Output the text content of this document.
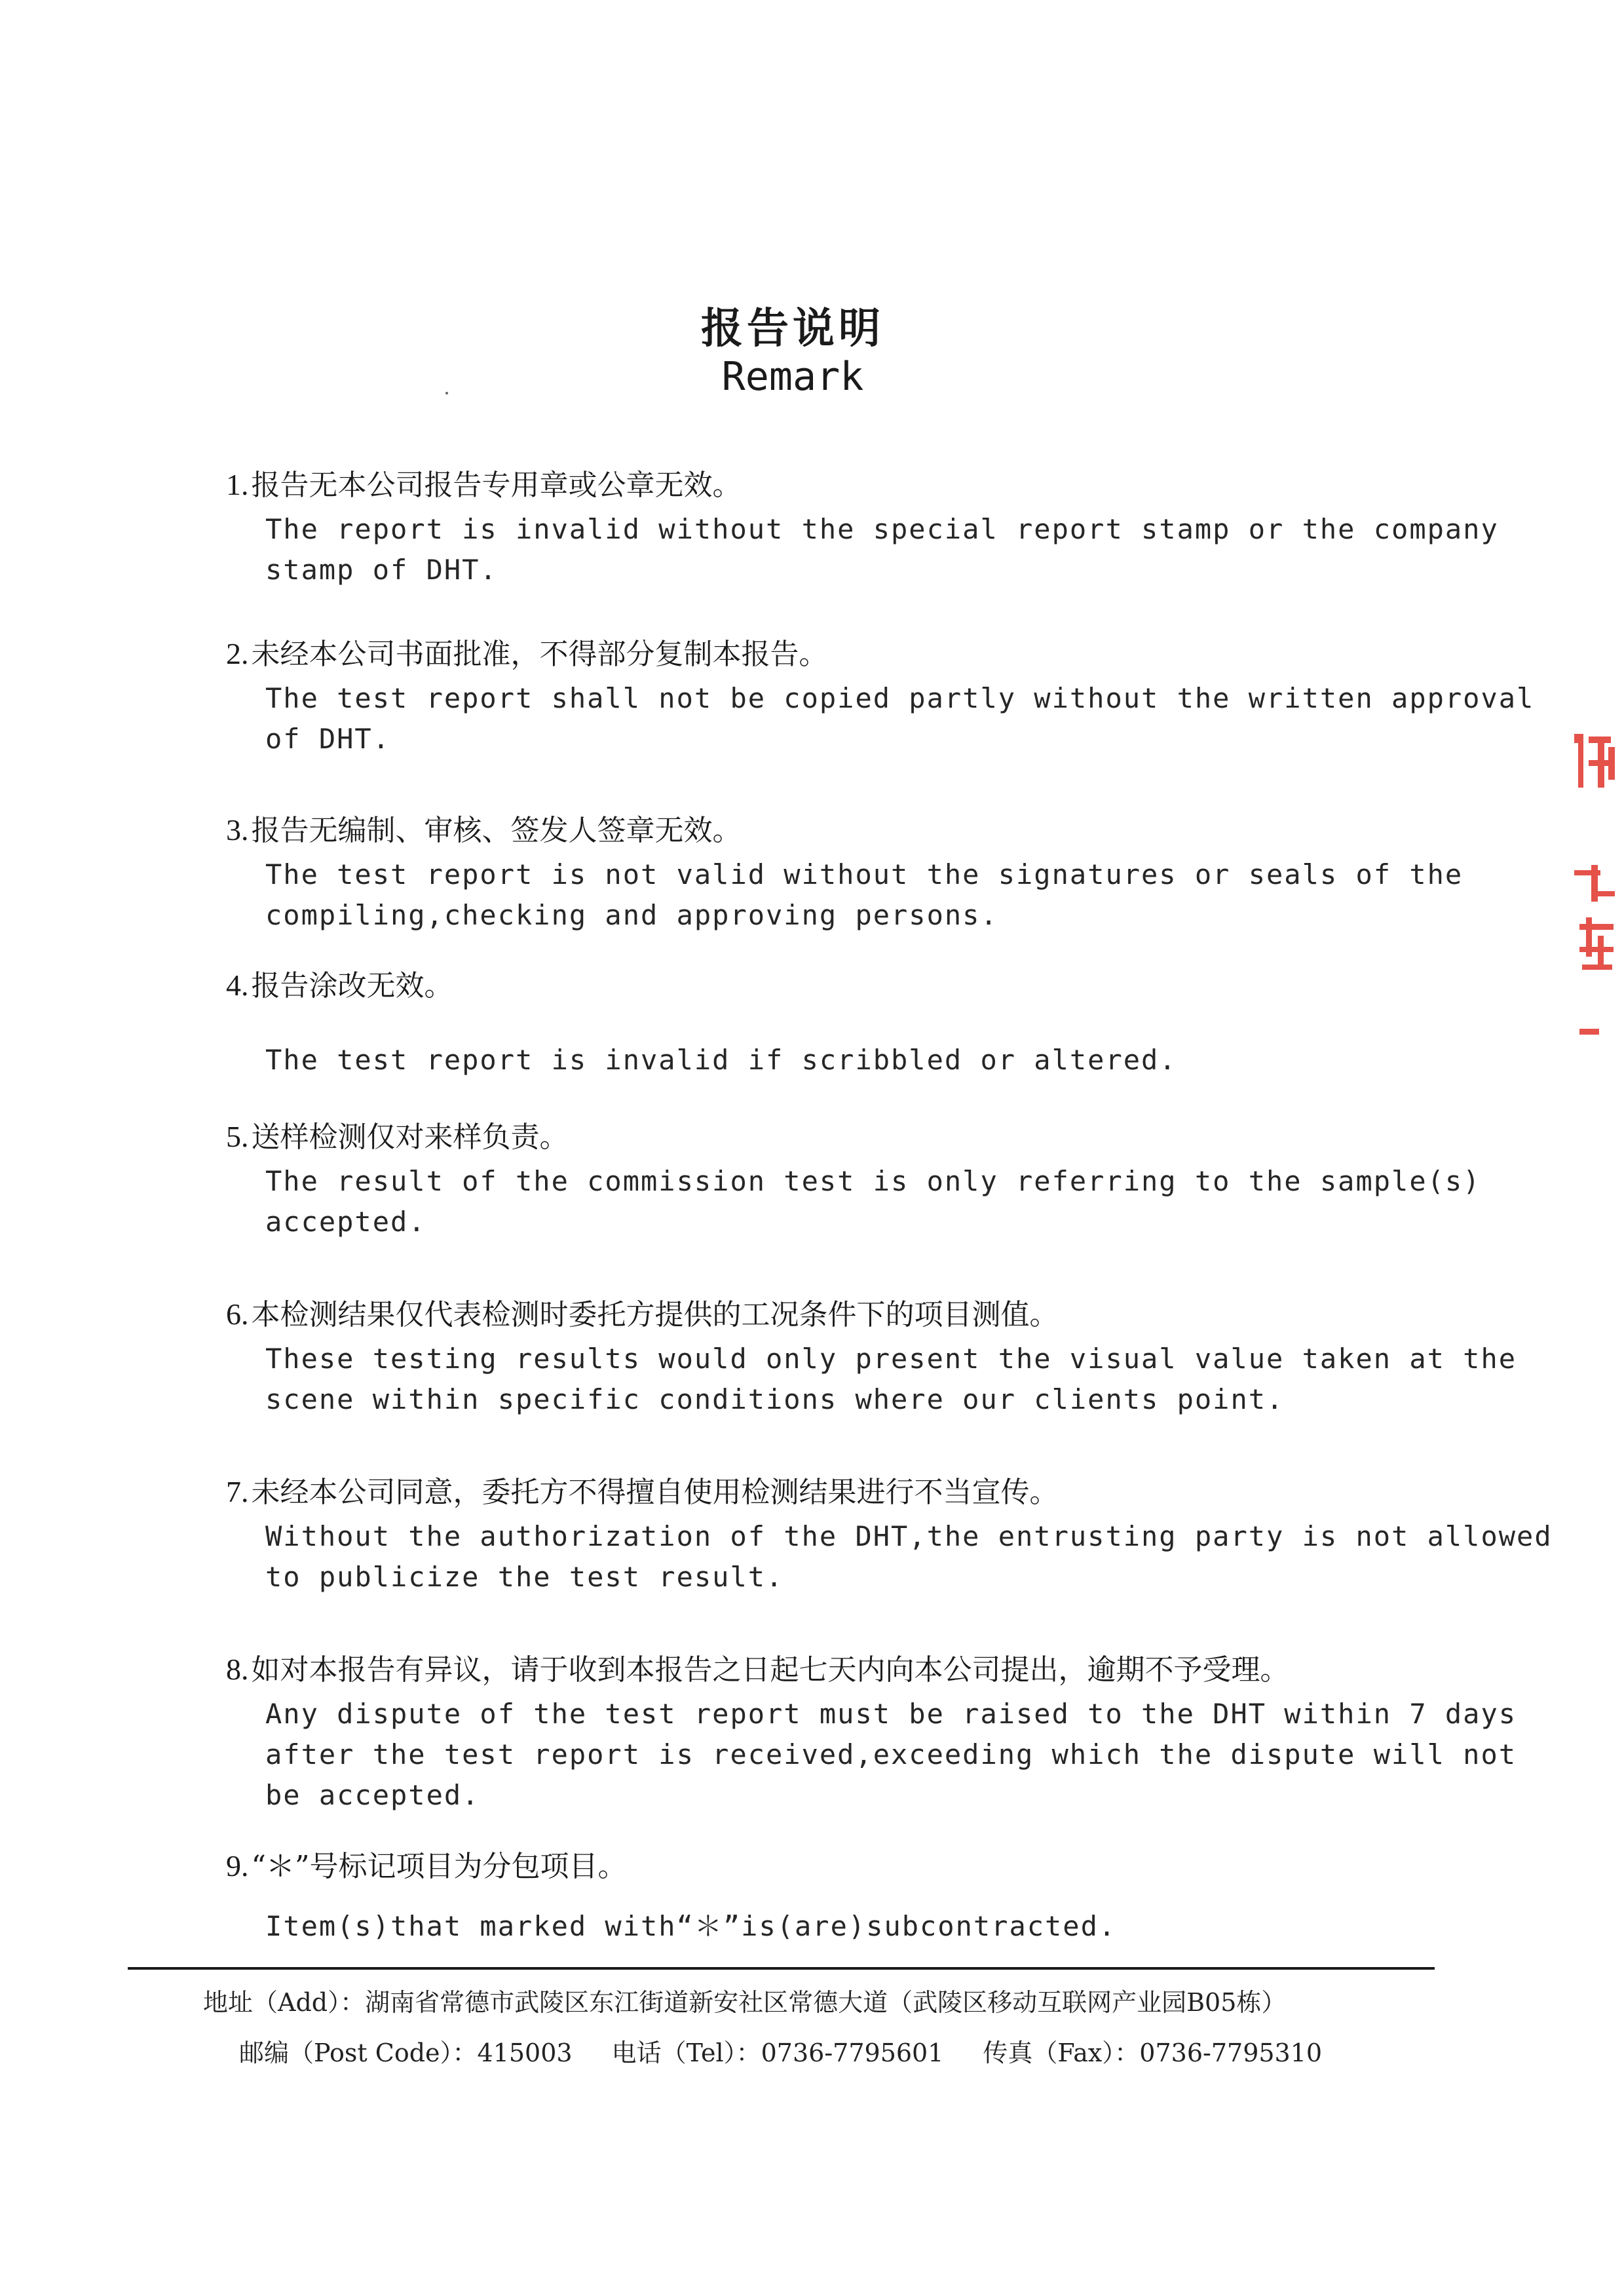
报告说明
Remark
1.报告无本公司报告专用章或公章无效。
The report is invalid without the special report stamp or the company
stamp of DHT.
2.未经本公司书面批准，不得部分复制本报告。
The test report shall not be copied partly without the written approval
of DHT.
3.报告无编制、审核、签发人签章无效。
The test report is not valid without the signatures or seals of the
compiling,checking and approving persons.
4.报告涂改无效。
The test report is invalid if scribbled or altered.
5.送样检测仅对来样负责。
The result of the commission test is only referring to the sample(s)
accepted.
6.本检测结果仅代表检测时委托方提供的工况条件下的项目测值。
These testing results would only present the visual value taken at the
scene within specific conditions where our clients point.
7.未经本公司同意，委托方不得擅自使用检测结果进行不当宣传。
Without the authorization of the DHT,the entrusting party is not allowed
to publicize the test result.
8.如对本报告有异议，请于收到本报告之日起七天内向本公司提出，逾期不予受理。
Any dispute of the test report must be raised to the DHT within 7 days
after the test report is received,exceeding which the dispute will not
be accepted.
9.“＊”号标记项目为分包项目。
Item(s)that marked with“＊”is(are)subcontracted.
地址（Add）：湖南省常德市武陵区东江街道新安社区常德大道（武陵区移动互联网产业园B05栋）
邮编（Post Code）：415003 电话（Tel）：0736-7795601 传真（Fax）：0736-7795310
